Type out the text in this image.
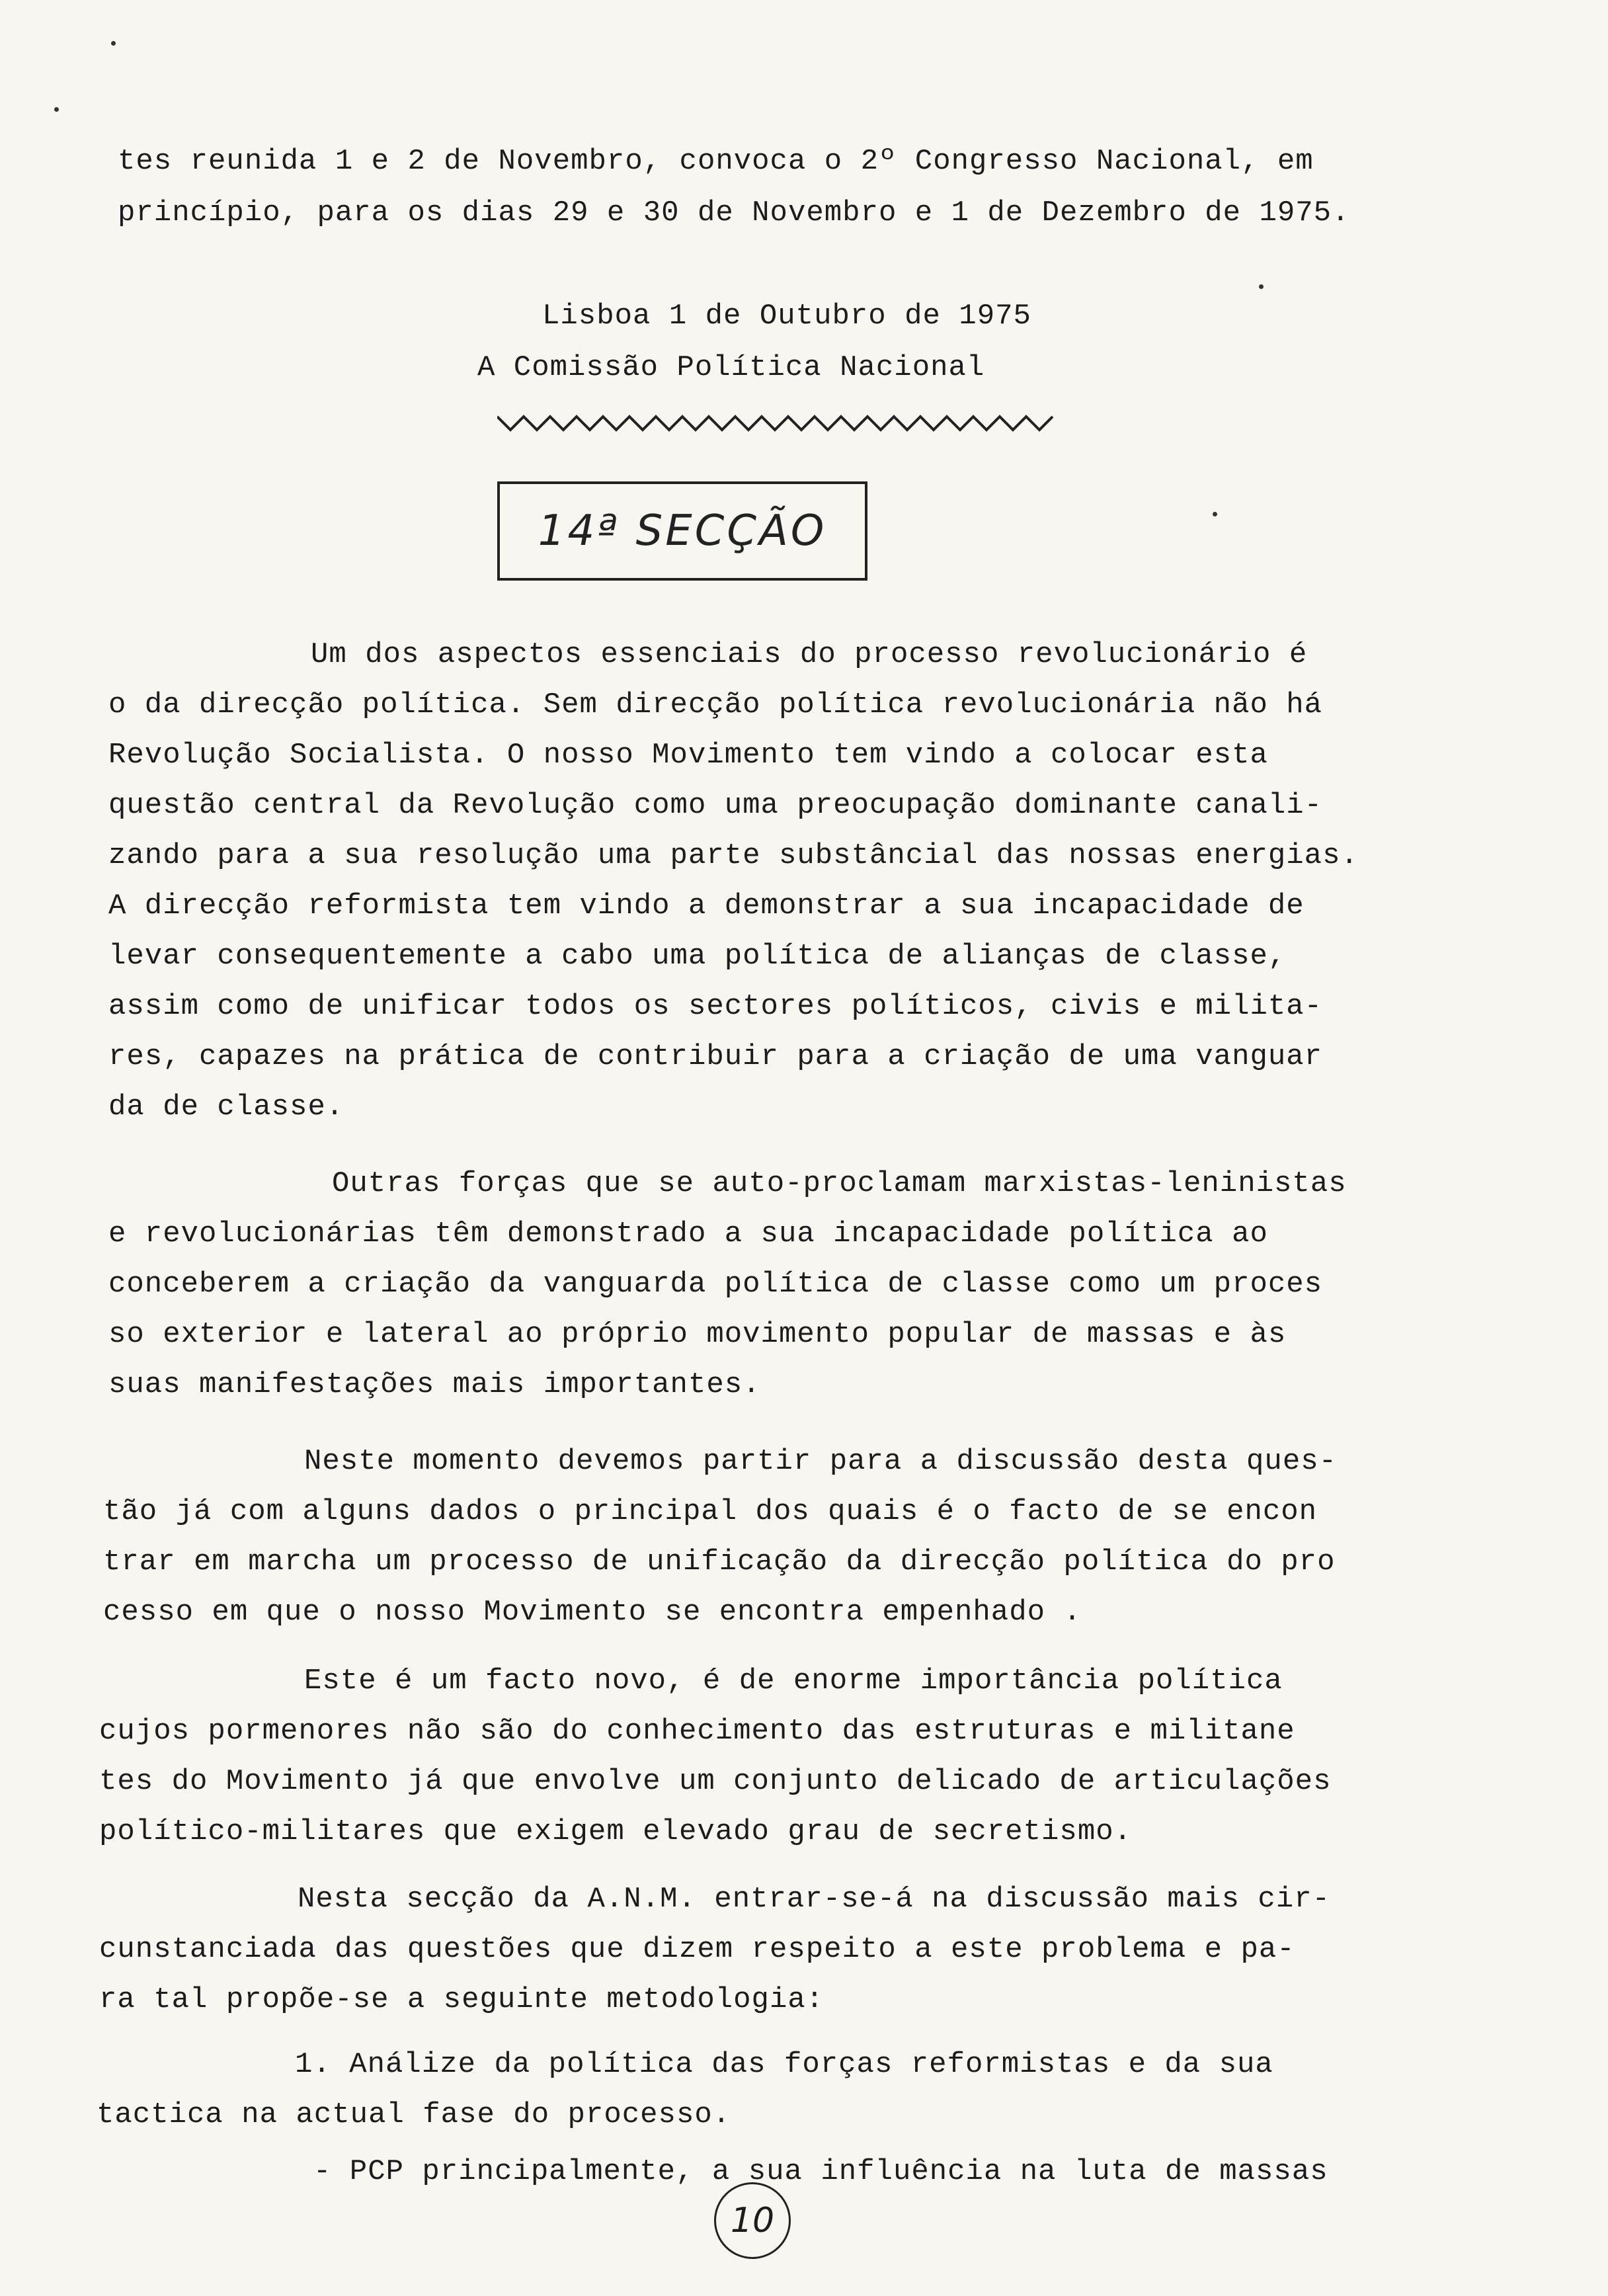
tes reunida 1 e 2 de Novembro, convoca o 2º Congresso Nacional, em
princípio, para os dias 29 e 30 de Novembro e 1 de Dezembro de 1975.
Lisboa 1 de Outubro de 1975
A Comissão Política Nacional
14ª SECÇÃO
Um dos aspectos essenciais do processo revolucionário é
o da direcção política. Sem direcção política revolucionária não há
Revolução Socialista. O nosso Movimento tem vindo a colocar esta
questão central da Revolução como uma preocupação dominante canali-
zando para a sua resolução uma parte substâncial das nossas energias.
A direcção reformista tem vindo a demonstrar a sua incapacidade de
levar consequentemente a cabo uma política de alianças de classe,
assim como de unificar todos os sectores políticos, civis e milita-
res, capazes na prática de contribuir para a criação de uma vanguar
da de classe.
Outras forças que se auto-proclamam marxistas-leninistas
e revolucionárias têm demonstrado a sua incapacidade política ao
conceberem a criação da vanguarda política de classe como um proces
so exterior e lateral ao próprio movimento popular de massas e às
suas manifestações mais importantes.
Neste momento devemos partir para a discussão desta ques-
tão já com alguns dados o principal dos quais é o facto de se encon
trar em marcha um processo de unificação da direcção política do pro
cesso em que o nosso Movimento se encontra empenhado .
Este é um facto novo, é de enorme importância política
cujos pormenores não são do conhecimento das estruturas e militane
tes do Movimento já que envolve um conjunto delicado de articulações
político-militares que exigem elevado grau de secretismo.
Nesta secção da A.N.M. entrar-se-á na discussão mais cir-
cunstanciada das questões que dizem respeito a este problema e pa-
ra tal propõe-se a seguinte metodologia:
1. Análize da política das forças reformistas e da sua
tactica na actual fase do processo.
- PCP principalmente, a sua influência na luta de massas
10
